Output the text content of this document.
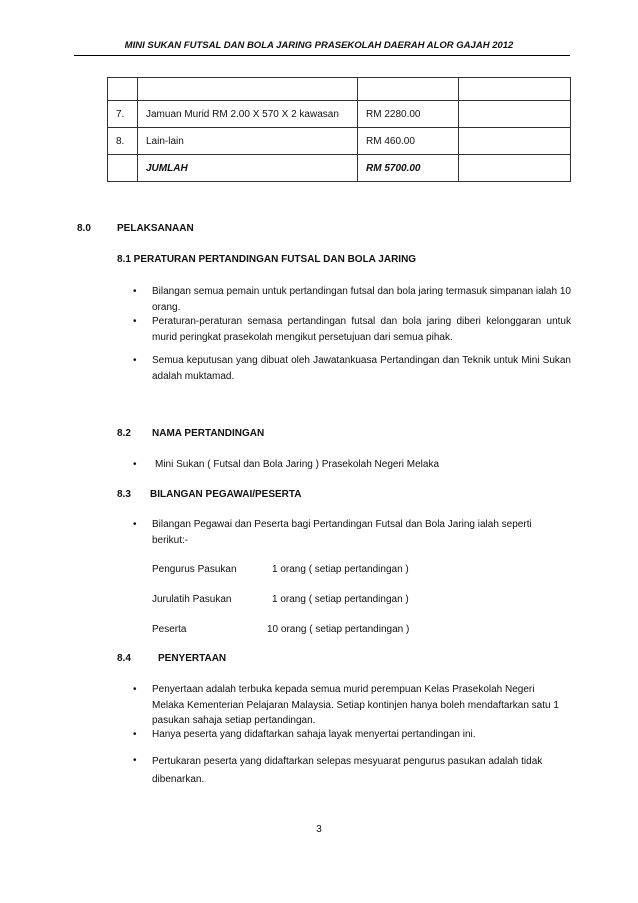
MINI SUKAN FUTSAL DAN BOLA JARING PRASEKOLAH DAERAH ALOR GAJAH 2012

7.	Jamuan Murid RM 2.00 X 570 X 2 kawasan	RM 2280.00	
8.	Lain-lain	RM 460.00	
	JUMLAH	RM 5700.00	
8.0	PELAKSANAAN
8.1 PERATURAN PERTANDINGAN FUTSAL DAN BOLA JARING
• Bilangan semua pemain untuk pertandingan futsal dan bola jaring termasuk simpanan ialah 10 orang.
• Peraturan-peraturan semasa pertandingan futsal dan bola jaring diberi kelonggaran untuk murid peringkat prasekolah mengikut persetujuan dari semua pihak.
• Semua keputusan yang dibuat oleh Jawatankuasa Pertandingan dan Teknik untuk Mini Sukan adalah muktamad.
8.2 NAMA PERTANDINGAN
• Mini Sukan ( Futsal dan Bola Jaring ) Prasekolah Negeri Melaka
8.3 BILANGAN PEGAWAI/PESERTA
• Bilangan Pegawai dan Peserta bagi Pertandingan Futsal dan Bola Jaring ialah seperti berikut:-
Pengurus Pasukan	1 orang ( setiap pertandingan )
Jurulatih Pasukan	1 orang ( setiap pertandingan )
Peserta	10 orang ( setiap pertandingan )
8.4	PENYERTAAN
• Penyertaan adalah terbuka kepada semua murid perempuan Kelas Prasekolah Negeri Melaka Kementerian Pelajaran Malaysia. Setiap kontinjen hanya boleh mendaftarkan satu 1 pasukan sahaja setiap pertandingan.
• Hanya peserta yang didaftarkan sahaja layak menyertai pertandingan ini.
• Pertukaran peserta yang didaftarkan selepas mesyuarat pengurus pasukan adalah tidak dibenarkan.
3
